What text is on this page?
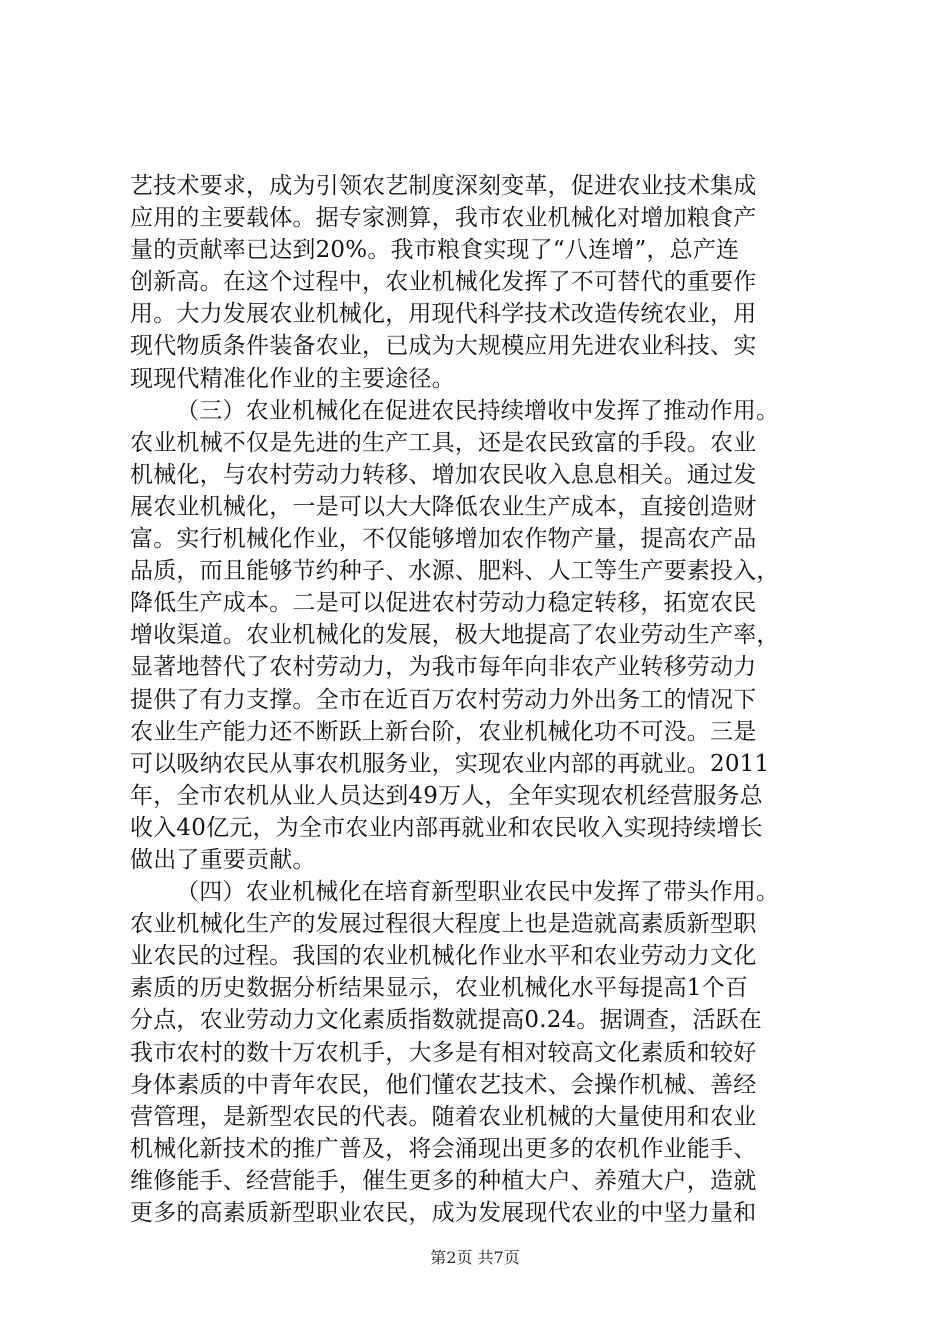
艺技术要求，成为引领农艺制度深刻变革，促进农业技术集成
应用的主要载体。据专家测算，我市农业机械化对增加粮食产
量的贡献率已达到20%。我市粮食实现了“八连增”，总产连
创新高。在这个过程中，农业机械化发挥了不可替代的重要作
用。大力发展农业机械化，用现代科学技术改造传统农业，用
现代物质条件装备农业，已成为大规模应用先进农业科技、实
现现代精准化作业的主要途径。
（三）农业机械化在促进农民持续增收中发挥了推动作用。
农业机械不仅是先进的生产工具，还是农民致富的手段。农业
机械化，与农村劳动力转移、增加农民收入息息相关。通过发
展农业机械化，一是可以大大降低农业生产成本，直接创造财
富。实行机械化作业，不仅能够增加农作物产量，提高农产品
品质，而且能够节约种子、水源、肥料、人工等生产要素投入，
降低生产成本。二是可以促进农村劳动力稳定转移，拓宽农民
增收渠道。农业机械化的发展，极大地提高了农业劳动生产率，
显著地替代了农村劳动力，为我市每年向非农产业转移劳动力
提供了有力支撑。全市在近百万农村劳动力外出务工的情况下
农业生产能力还不断跃上新台阶，农业机械化功不可没。三是
可以吸纳农民从事农机服务业，实现农业内部的再就业。2011
年，全市农机从业人员达到49万人，全年实现农机经营服务总
收入40亿元，为全市农业内部再就业和农民收入实现持续增长
做出了重要贡献。
（四）农业机械化在培育新型职业农民中发挥了带头作用。
农业机械化生产的发展过程很大程度上也是造就高素质新型职
业农民的过程。我国的农业机械化作业水平和农业劳动力文化
素质的历史数据分析结果显示，农业机械化水平每提高1个百
分点，农业劳动力文化素质指数就提高0.24。据调查，活跃在
我市农村的数十万农机手，大多是有相对较高文化素质和较好
身体素质的中青年农民，他们懂农艺技术、会操作机械、善经
营管理，是新型农民的代表。随着农业机械的大量使用和农业
机械化新技术的推广普及，将会涌现出更多的农机作业能手、
维修能手、经营能手，催生更多的种植大户、养殖大户，造就
更多的高素质新型职业农民，成为发展现代农业的中坚力量和
第2页 共7页
